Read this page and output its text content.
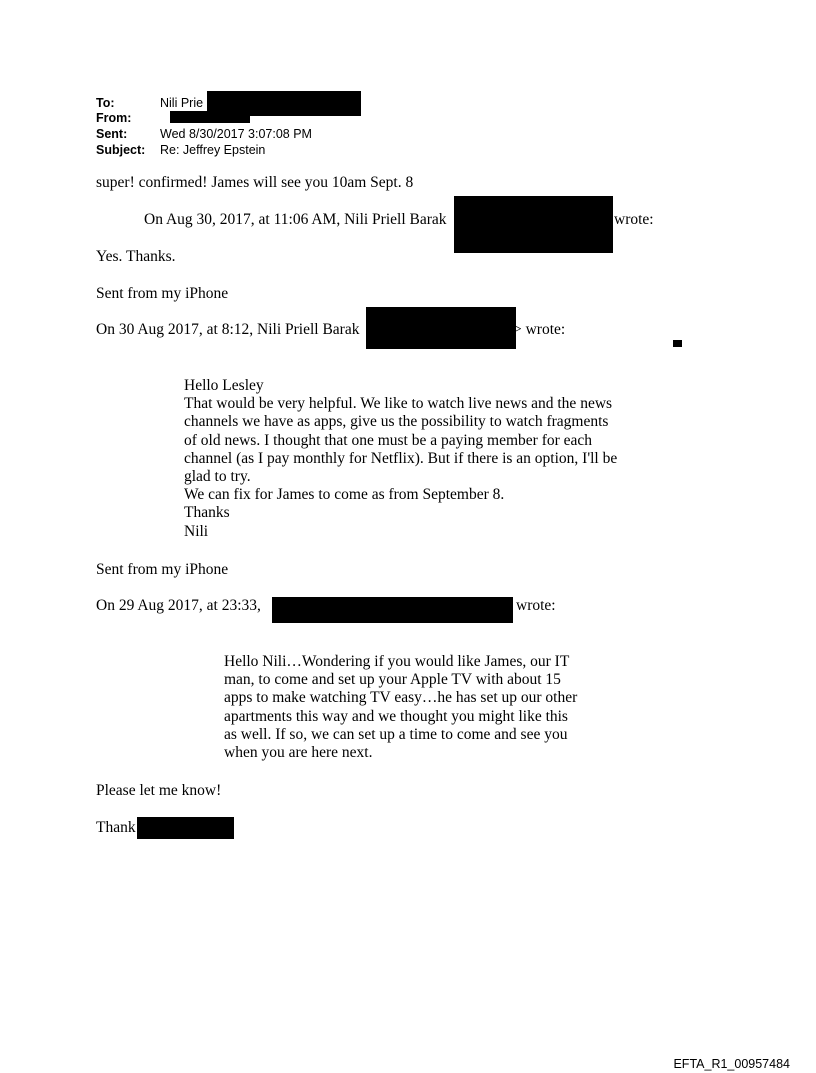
To:	Nili Prie
From:
Sent:	Wed 8/30/2017 3:07:08 PM
Subject: Re: Jeffrey Epstein
super! confirmed! James will see you 10am Sept. 8
On Aug 30, 2017, at 11:06 AM, Nili Priell Barak	wrote:
Yes. Thanks.
Sent from my iPhone
On 30 Aug 2017, at 8:12, Nili Priell Barak	> wrote:
Hello Lesley
That would be very helpful. We like to watch live news and the news
channels we have as apps, give us the possibility to watch fragments
of old news. I thought that one must be a paying member for each
channel (as I pay monthly for Netflix). But if there is an option, I'll be
glad to try.
We can fix for James to come as from September 8.
Thanks
Nili
Sent from my iPhone
On 29 Aug 2017, at 23:33,	wrote:
Hello Nili…Wondering if you would like James, our IT
man, to come and set up your Apple TV with about 15
apps to make watching TV easy…he has set up our other
apartments this way and we thought you might like this
as well. If so, we can set up a time to come and see you
when you are here next.
Please let me know!
Thank
EFTA_R1_00957484
